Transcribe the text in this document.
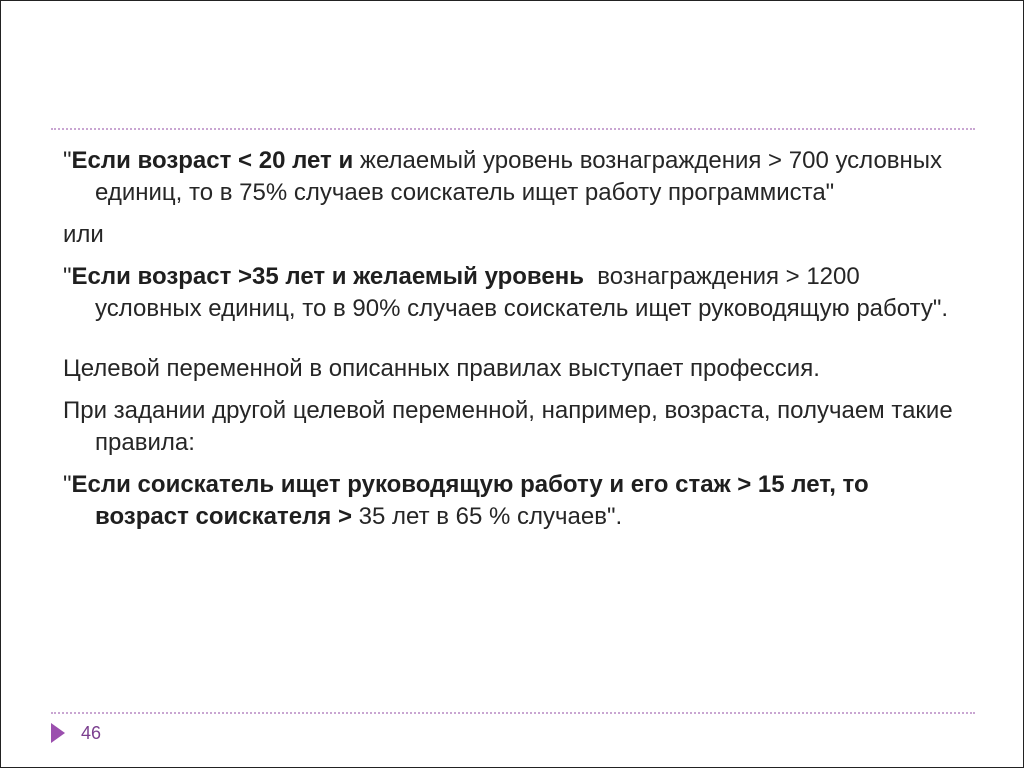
"Если возраст < 20 лет и желаемый уровень вознаграждения > 700 условных единиц, то в 75% случаев соискатель ищет работу программиста"

или

"Если возраст >35 лет и желаемый уровень  вознаграждения > 1200 условных единиц, то в 90% случаев соискатель ищет руководящую работу".

Целевой переменной в описанных правилах выступает профессия.

При задании другой целевой переменной, например, возраста, получаем такие правила:

"Если соискатель ищет руководящую работу и его стаж > 15 лет, то возраст соискателя > 35 лет в 65 % случаев".

46
